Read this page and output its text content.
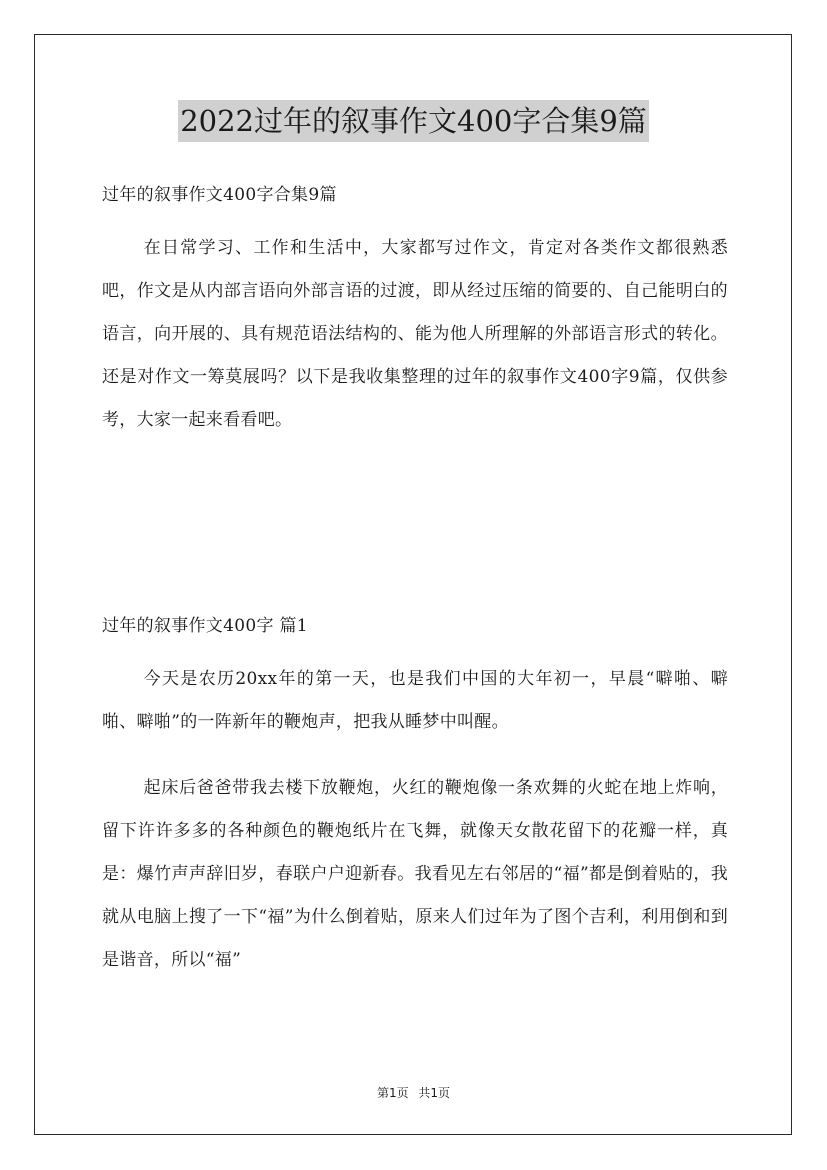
2022过年的叙事作文400字合集9篇

过年的叙事作文400字合集9篇

在日常学习、工作和生活中，大家都写过作文，肯定对各类作文都很熟悉吧，作文是从内部言语向外部言语的过渡，即从经过压缩的简要的、自己能明白的语言，向开展的、具有规范语法结构的、能为他人所理解的外部语言形式的转化。还是对作文一筹莫展吗？以下是我收集整理的过年的叙事作文400字9篇，仅供参考，大家一起来看看吧。

过年的叙事作文400字 篇1

今天是农历20xx年的第一天，也是我们中国的大年初一，早晨“噼啪、噼啪、噼啪”的一阵新年的鞭炮声，把我从睡梦中叫醒。

起床后爸爸带我去楼下放鞭炮，火红的鞭炮像一条欢舞的火蛇在地上炸响，留下许许多多的各种颜色的鞭炮纸片在飞舞，就像天女散花留下的花瓣一样，真是：爆竹声声辞旧岁，春联户户迎新春。我看见左右邻居的“福”都是倒着贴的，我就从电脑上搜了一下“福”为什么倒着贴，原来人们过年为了图个吉利，利用倒和到是谐音，所以“福”

第1页 共1页
